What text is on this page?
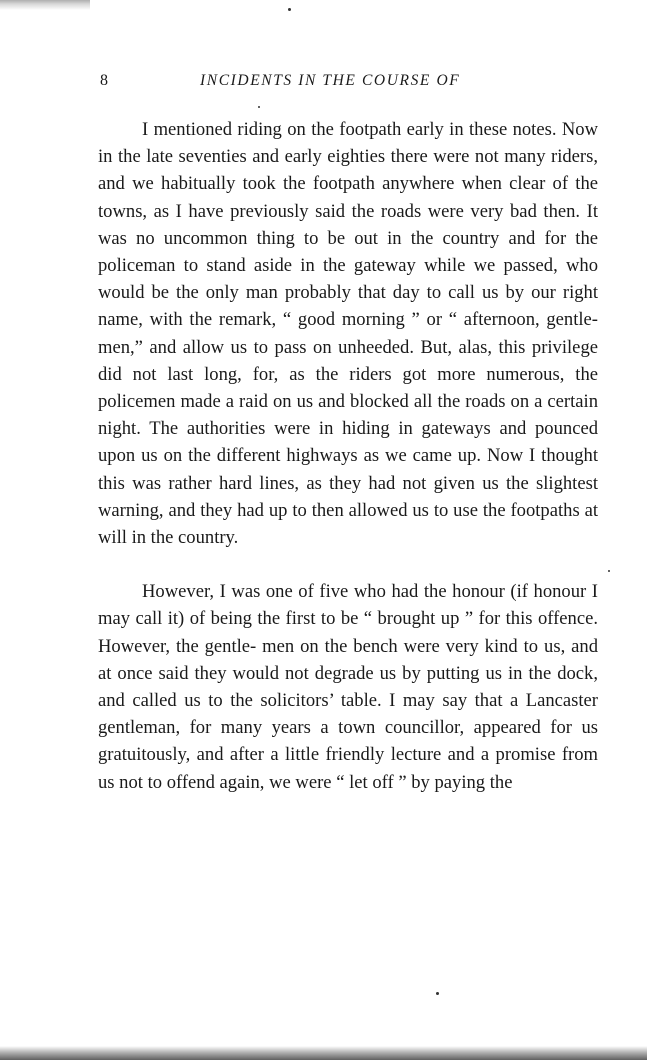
8	INCIDENTS IN THE COURSE OF

I mentioned riding on the footpath early in these notes. Now in the late seventies and early eighties there were not many riders, and we habitually took the footpath anywhere when clear of the towns, as I have previously said the roads were very bad then. It was no uncommon thing to be out in the country and for the policeman to stand aside in the gateway while we passed, who would be the only man probably that day to call us by our right name, with the remark, “ good morning ” or “ afternoon, gentle- men,” and allow us to pass on unheeded. But, alas, this privilege did not last long, for, as the riders got more numerous, the policemen made a raid on us and blocked all the roads on a certain night. The authorities were in hiding in gateways and pounced upon us on the different highways as we came up. Now I thought this was rather hard lines, as they had not given us the slightest warning, and they had up to then allowed us to use the footpaths at will in the country.

However, I was one of five who had the honour (if honour I may call it) of being the first to be “ brought up ” for this offence. However, the gentle- men on the bench were very kind to us, and at once said they would not degrade us by putting us in the dock, and called us to the solicitors’ table. I may say that a Lancaster gentleman, for many years a town councillor, appeared for us gratuitously, and after a little friendly lecture and a promise from us not to offend again, we were “ let off ” by paying the
